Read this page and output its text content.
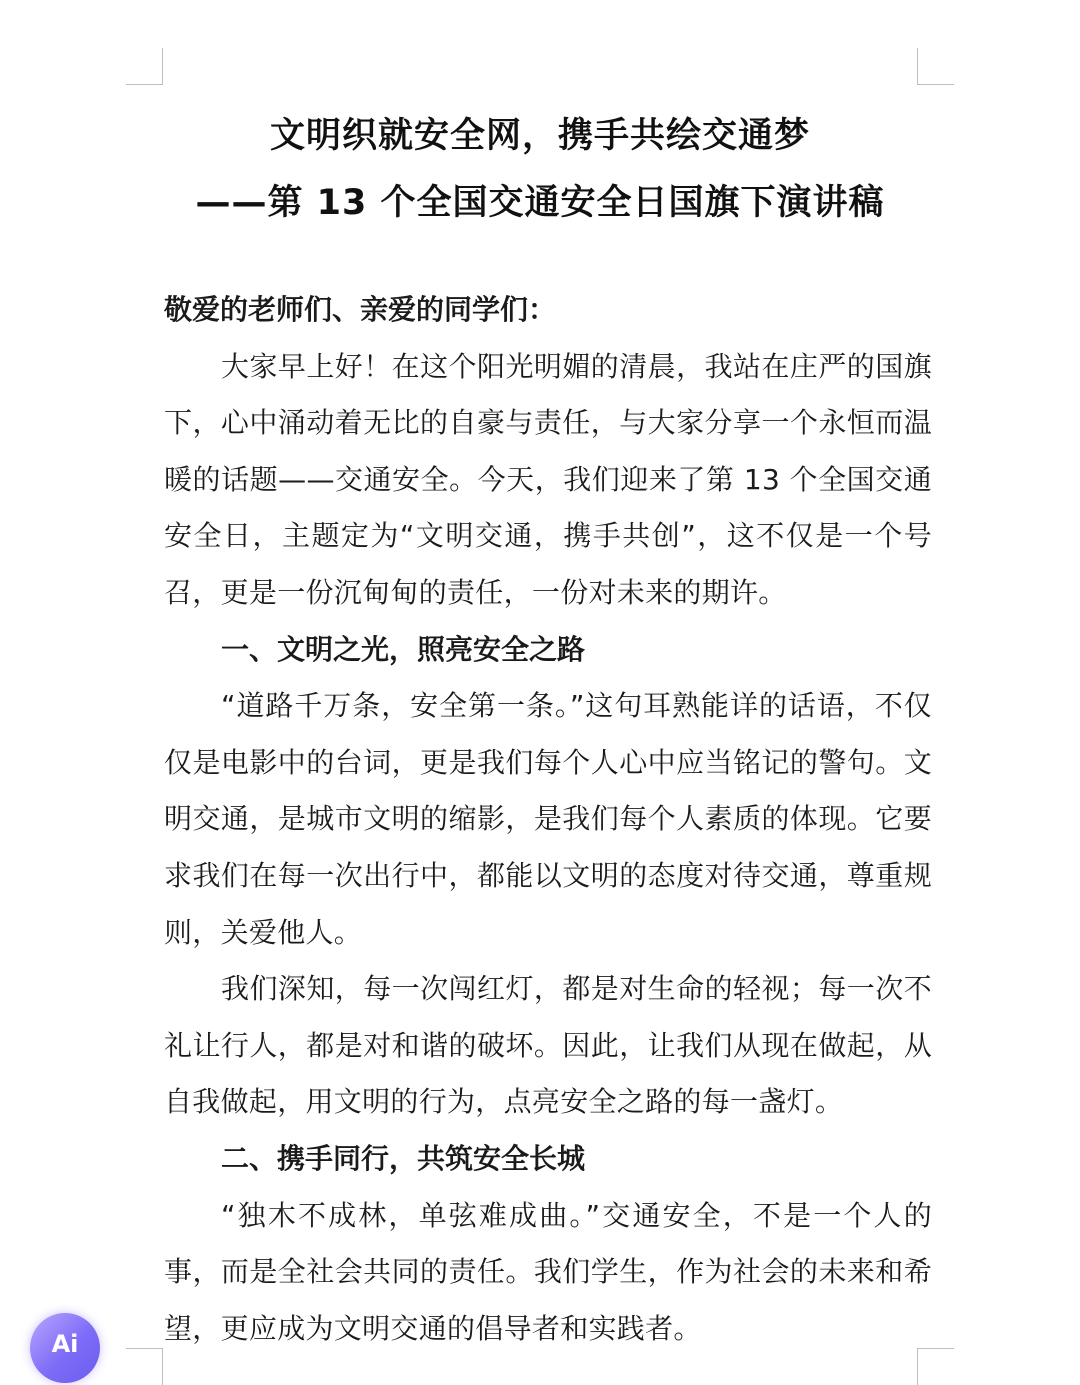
文明织就安全网，携手共绘交通梦
——第 13 个全国交通安全日国旗下演讲稿
敬爱的老师们、亲爱的同学们：

大家早上好！在这个阳光明媚的清晨，我站在庄严的国旗下，心中涌动着无比的自豪与责任，与大家分享一个永恒而温暖的话题——交通安全。今天，我们迎来了第 13 个全国交通安全日，主题定为“文明交通，携手共创”，这不仅是一个号召，更是一份沉甸甸的责任，一份对未来的期许。

一、文明之光，照亮安全之路

“道路千万条，安全第一条。”这句耳熟能详的话语，不仅仅是电影中的台词，更是我们每个人心中应当铭记的警句。文明交通，是城市文明的缩影，是我们每个人素质的体现。它要求我们在每一次出行中，都能以文明的态度对待交通，尊重规则，关爱他人。

我们深知，每一次闯红灯，都是对生命的轻视；每一次不礼让行人，都是对和谐的破坏。因此，让我们从现在做起，从自我做起，用文明的行为，点亮安全之路的每一盏灯。

二、携手同行，共筑安全长城

“独木不成林，单弦难成曲。”交通安全，不是一个人的事，而是全社会共同的责任。我们学生，作为社会的未来和希望，更应成为文明交通的倡导者和实践者。

Ai
